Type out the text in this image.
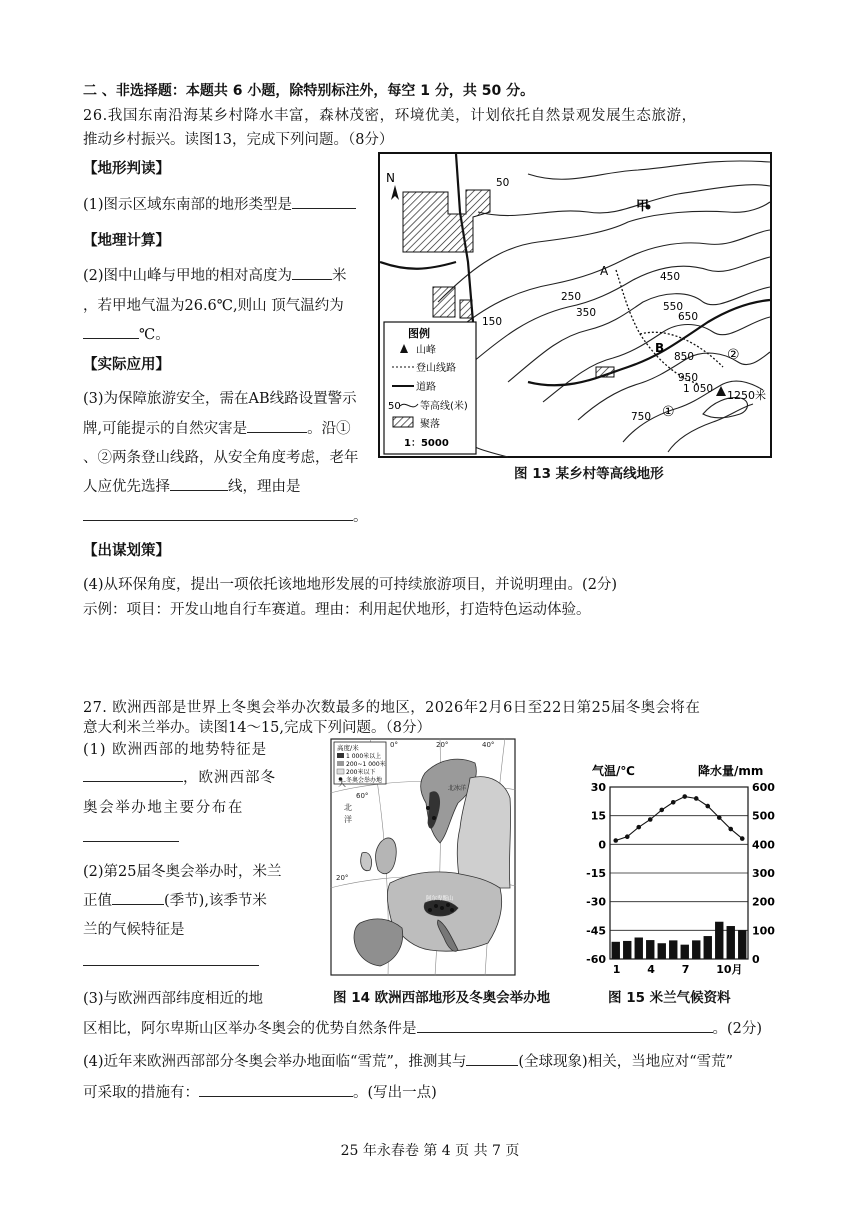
二 、非选择题：本题共 6 小题，除特别标注外，每空 1 分，共 50 分。
26.我国东南沿海某乡村降水丰富，森林茂密，环境优美，计划依托自然景观发展生态旅游，
推动乡村振兴。读图13，完成下列问题。（8分）
【地形判读】
(1)图示区域东南部的地形类型是
【地理计算】
(2)图中山峰与甲地的相对高度为	米
，若甲地气温为26.6℃,则山 顶气温约为
℃。
【实际应用】
(3)为保障旅游安全，需在AB线路设置警示
牌,可能提示的自然灾害是	。沿①
、②两条登山线路，从安全角度考虑，老年
人应优先选择	线，理由是
。
【出谋划策】
(4)从环保角度，提出一项依托该地地形发展的可持续旅游项目，并说明理由。(2分)
示例：项目：开发山地自行车赛道。理由：利用起伏地形，打造特色运动体验。
N
1250米
甲
A
B
①
②
50
150
250
350
450
550
650
750
850
950
1 050
图例
山峰
登山线路
道路
50 等高线(米)
聚落
1：5000
图 13 某乡村等高线地形
27. 欧洲西部是世界上冬奥会举办次数最多的地区，2026年2月6日至22日第25届冬奥会将在
意大利米兰举办。读图14～15,完成下列问题。（8分）
(1) 欧洲西部的地势特征是
，欧洲西部冬
奥会举办地主要分布在
(2)第25届冬奥会举办时，米兰
正值	(季节),该季节米
兰的气候特征是
(3)与欧洲西部纬度相近的地
区相比，阿尔卑斯山区举办冬奥会的优势自然条件是	。(2分)
(4)近年来欧洲西部部分冬奥会举办地面临“雪荒”，推测其与	(全球现象)相关，当地应对“雪荒”
可采取的措施有：	。(写出一点)
高度/米
1 000米以上
200~1 000米
200米以下
冬奥会举办地
0°	20°	40°
60°
20°
大
北
洋
北冰洋
阿尔卑斯山
图 14 欧洲西部地形及冬奥会举办地
气温/℃	降水量/mm
30	600
15	500
0	400
-15	300
-30	200
-45	100
-60	0
1 4 7 10月
图 15 米兰气候资料
25 年永春卷 第 4 页 共 7 页
